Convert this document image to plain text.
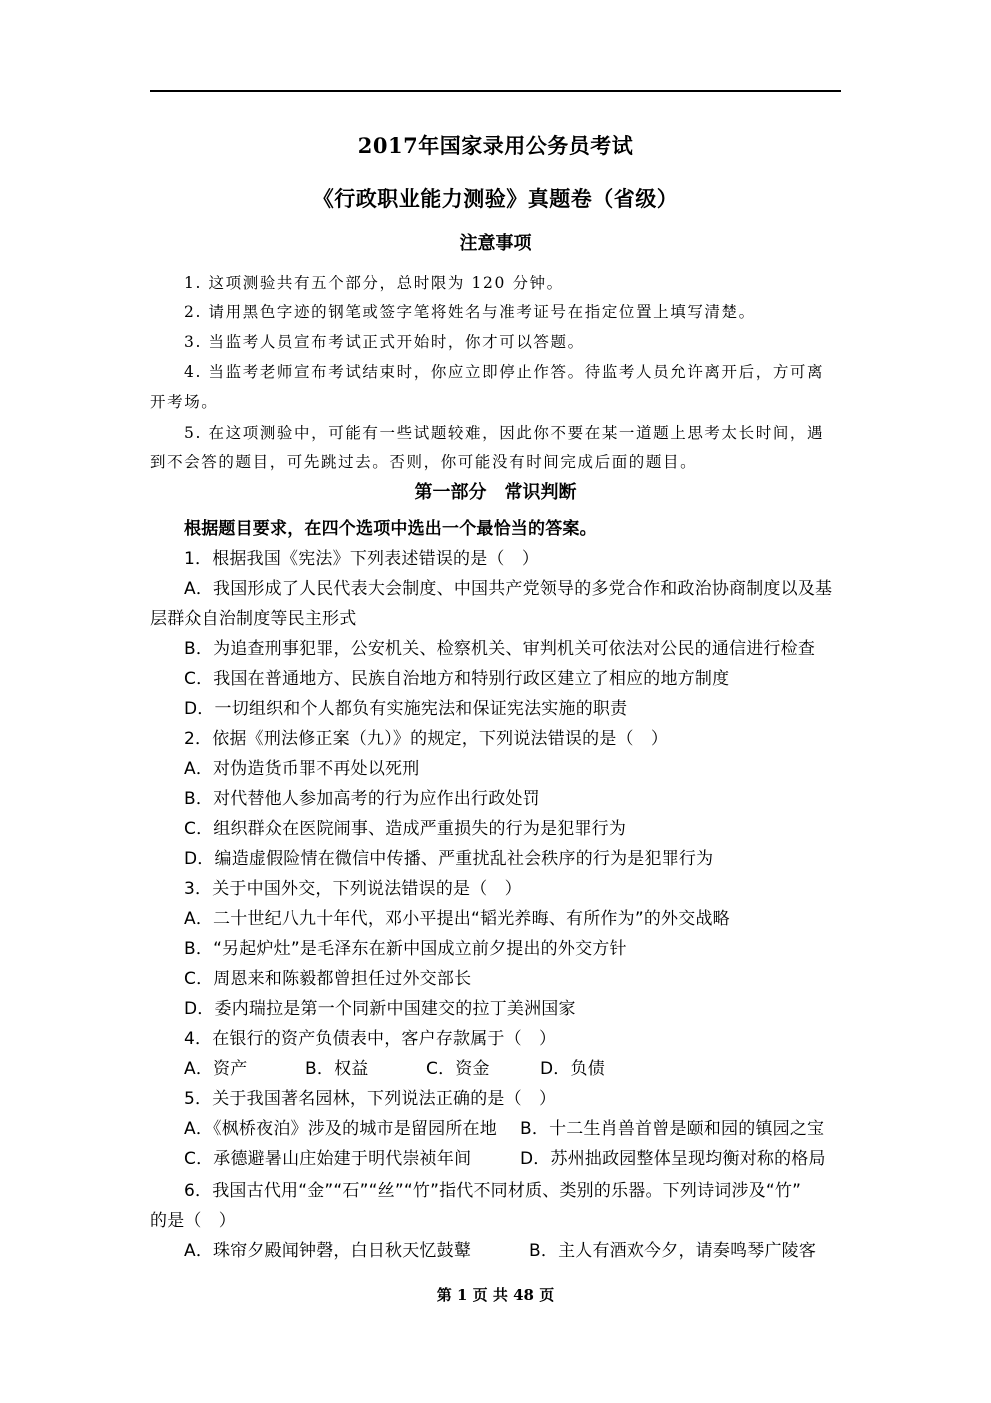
2017年国家录用公务员考试
《行政职业能力测验》真题卷（省级）
注意事项
1. 这项测验共有五个部分，总时限为 120 分钟。
2. 请用黑色字迹的钢笔或签字笔将姓名与准考证号在指定位置上填写清楚。
3. 当监考人员宣布考试正式开始时，你才可以答题。
4. 当监考老师宣布考试结束时，你应立即停止作答。待监考人员允许离开后，方可离
开考场。
5. 在这项测验中，可能有一些试题较难，因此你不要在某一道题上思考太长时间，遇
到不会答的题目，可先跳过去。否则，你可能没有时间完成后面的题目。
第一部分　常识判断
根据题目要求，在四个选项中选出一个最恰当的答案。
1．根据我国《宪法》下列表述错误的是（　）
A．我国形成了人民代表大会制度、中国共产党领导的多党合作和政治协商制度以及基
层群众自治制度等民主形式
B．为追查刑事犯罪，公安机关、检察机关、审判机关可依法对公民的通信进行检查
C．我国在普通地方、民族自治地方和特别行政区建立了相应的地方制度
D．一切组织和个人都负有实施宪法和保证宪法实施的职责
2．依据《刑法修正案（九）》的规定，下列说法错误的是（　）
A．对伪造货币罪不再处以死刑
B．对代替他人参加高考的行为应作出行政处罚
C．组织群众在医院闹事、造成严重损失的行为是犯罪行为
D．编造虚假险情在微信中传播、严重扰乱社会秩序的行为是犯罪行为
3．关于中国外交，下列说法错误的是（　）
A．二十世纪八九十年代，邓小平提出“韬光养晦、有所作为”的外交战略
B．“另起炉灶”是毛泽东在新中国成立前夕提出的外交方针
C．周恩来和陈毅都曾担任过外交部长
D．委内瑞拉是第一个同新中国建交的拉丁美洲国家
4．在银行的资产负债表中，客户存款属于（　）
A．资产	B．权益	C．资金	D．负债
5．关于我国著名园林，下列说法正确的是（　）
A．《枫桥夜泊》涉及的城市是留园所在地	B．十二生肖兽首曾是颐和园的镇园之宝
C．承德避暑山庄始建于明代崇祯年间	D．苏州拙政园整体呈现均衡对称的格局
6．我国古代用“金”“石”“丝”“竹”指代不同材质、类别的乐器。下列诗词涉及“竹”
的是（　）
A．珠帘夕殿闻钟磬，白日秋天忆鼓鼙	B．主人有酒欢今夕，请奏鸣琴广陵客
第 1 页 共 48 页
